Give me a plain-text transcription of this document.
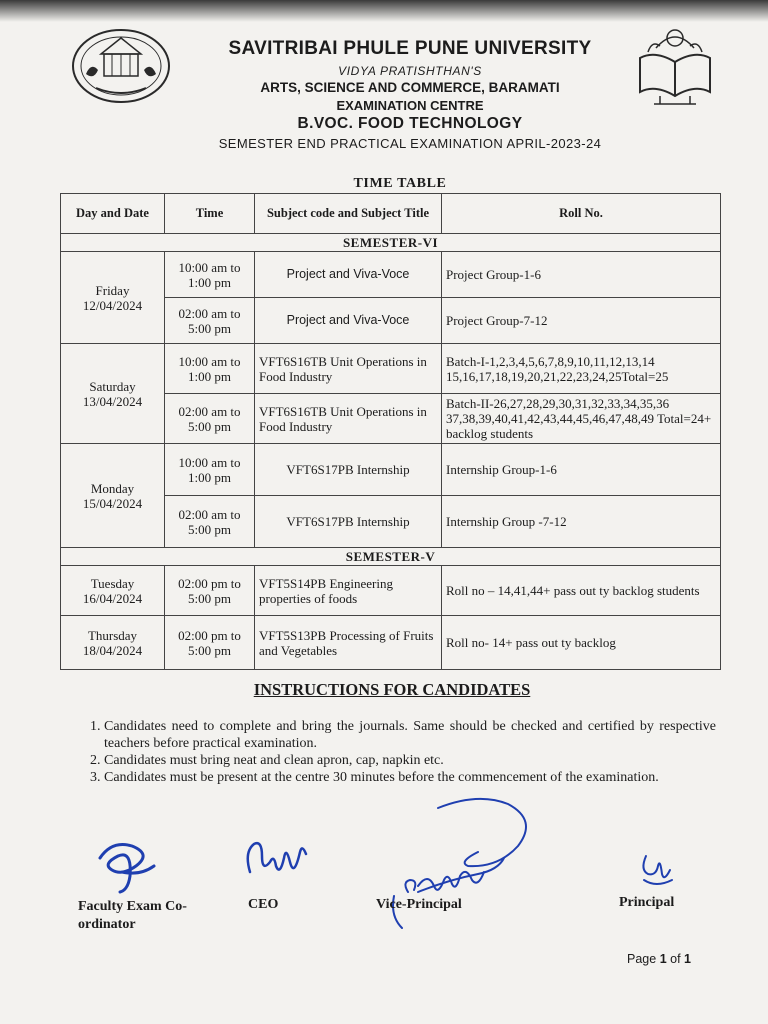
SAVITRIBAI PHULE PUNE UNIVERSITY
VIDYA PRATISHTHAN'S
ARTS, SCIENCE AND COMMERCE, BARAMATI
EXAMINATION CENTRE
B.VOC. FOOD TECHNOLOGY
SEMESTER END PRACTICAL EXAMINATION APRIL-2023-24
TIME TABLE
Day and Date	Time	Subject code and Subject Title	Roll No.
SEMESTER-VI			

Friday
12/04/2024	10:00 am to 1:00 pm	Project and Viva-Voce	Project Group-1-6
	02:00 am to 5:00 pm	Project and Viva-Voce	Project Group-7-12

Saturday
13/04/2024	10:00 am to 1:00 pm	VFT6S16TB Unit Operations in Food Industry	Batch-I-1,2,3,4,5,6,7,8,9,10,11,12,13,14 15,16,17,18,19,20,21,22,23,24,25Total=25
	02:00 am to 5:00 pm	VFT6S16TB Unit Operations in Food Industry	Batch-II-26,27,28,29,30,31,32,33,34,35,36 37,38,39,40,41,42,43,44,45,46,47,48,49 Total=24+ backlog students

Monday
15/04/2024	10:00 am to 1:00 pm	VFT6S17PB Internship	Internship Group-1-6
	02:00 am to 5:00 pm	VFT6S17PB Internship	Internship Group -7-12
SEMESTER-V			

Tuesday
16/04/2024	02:00 pm to 5:00 pm	VFT5S14PB Engineering properties of foods	Roll no – 14,41,44+ pass out ty backlog students

Thursday
18/04/2024	02:00 pm to 5:00 pm	VFT5S13PB Processing of Fruits and Vegetables	Roll no- 14+ pass out ty backlog
INSTRUCTIONS FOR CANDIDATES
1. Candidates need to complete and bring the journals. Same should be checked and certified by respective teachers before practical examination.
2. Candidates must bring neat and clean apron, cap, napkin etc.
3. Candidates must be present at the centre 30 minutes before the commencement of the examination.
Faculty Exam Co-ordinator
CEO	Vice-Principal	Principal
Page 1 of 1
